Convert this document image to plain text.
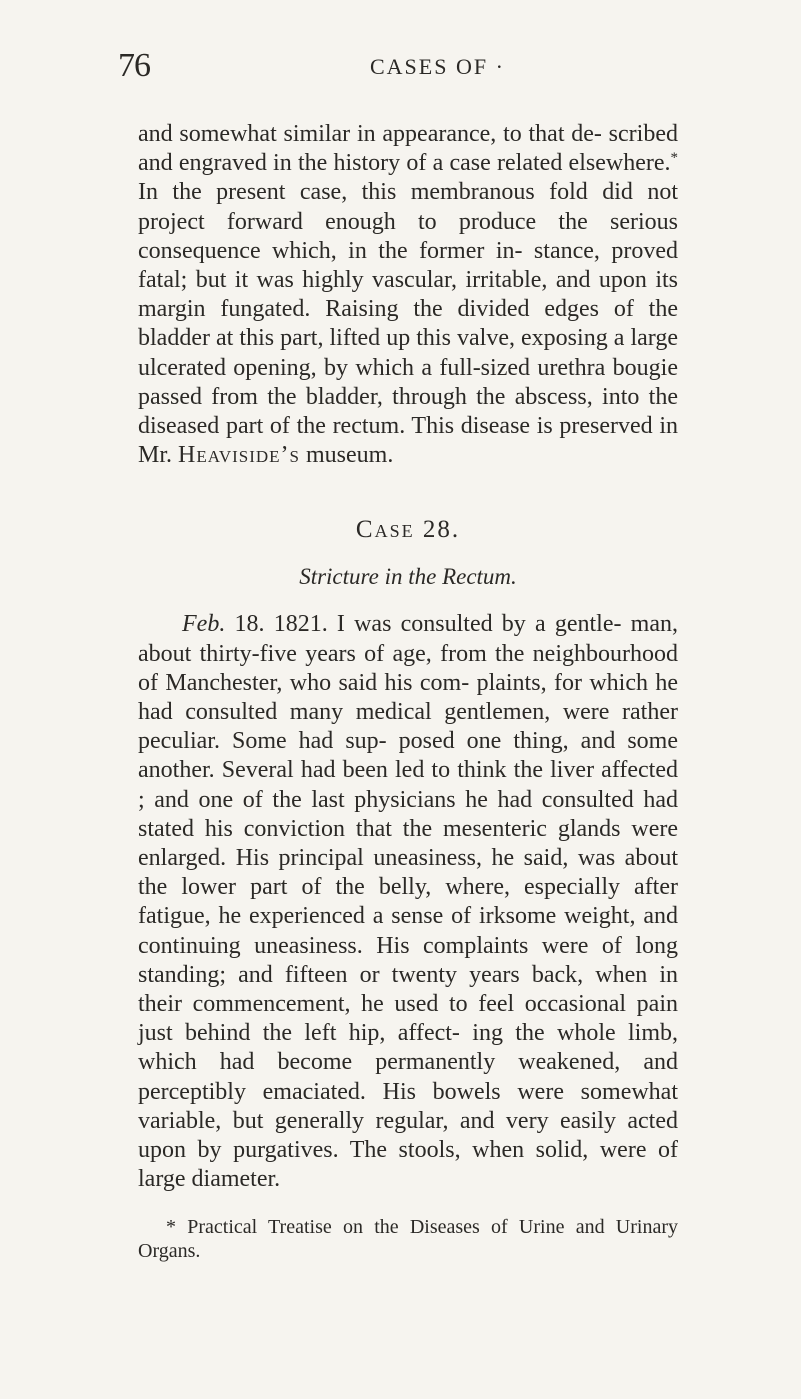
76	CASES OF ·

and somewhat similar in appearance, to that de- scribed and engraved in the history of a case related elsewhere.* In the present case, this membranous fold did not project forward enough to produce the serious consequence which, in the former in- stance, proved fatal; but it was highly vascular, irritable, and upon its margin fungated. Raising the divided edges of the bladder at this part, lifted up this valve, exposing a large ulcerated opening, by which a full-sized urethra bougie passed from the bladder, through the abscess, into the diseased part of the rectum. This disease is preserved in Mr. Heaviside’s museum.

Case 28.
Stricture in the Rectum.

Feb. 18. 1821. I was consulted by a gentle- man, about thirty-five years of age, from the neighbourhood of Manchester, who said his com- plaints, for which he had consulted many medical gentlemen, were rather peculiar. Some had sup- posed one thing, and some another. Several had been led to think the liver affected ; and one of the last physicians he had consulted had stated his conviction that the mesenteric glands were enlarged. His principal uneasiness, he said, was about the lower part of the belly, where, especially after fatigue, he experienced a sense of irksome weight, and continuing uneasiness. His complaints were of long standing; and fifteen or twenty years back, when in their commencement, he used to feel occasional pain just behind the left hip, affect- ing the whole limb, which had become permanently weakened, and perceptibly emaciated. His bowels were somewhat variable, but generally regular, and very easily acted upon by purgatives. The stools, when solid, were of large diameter.

* Practical Treatise on the Diseases of Urine and Urinary Organs.
